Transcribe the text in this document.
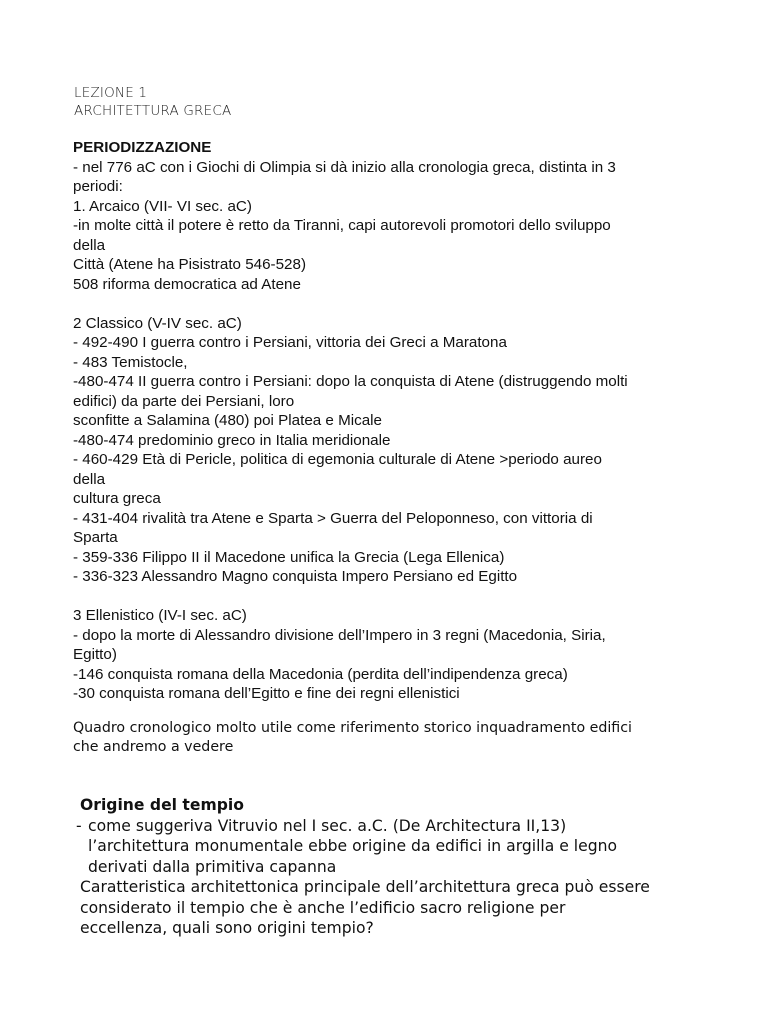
LEZIONE 1
ARCHITETTURA GRECA
PERIODIZZAZIONE
- nel 776 aC con i Giochi di Olimpia si dà inizio alla cronologia greca, distinta in 3
periodi:
1. Arcaico (VII- VI sec. aC)
-in molte città il potere è retto da Tiranni, capi autorevoli promotori dello sviluppo
della
Città (Atene ha Pisistrato 546-528)
508 riforma democratica ad Atene
2 Classico (V-IV sec. aC)
- 492-490 I guerra contro i Persiani, vittoria dei Greci a Maratona
- 483 Temistocle,
-480-474 II guerra contro i Persiani: dopo la conquista di Atene (distruggendo molti
edifici) da parte dei Persiani, loro
sconfitte a Salamina (480) poi Platea e Micale
-480-474 predominio greco in Italia meridionale
- 460-429 Età di Pericle, politica di egemonia culturale di Atene >periodo aureo
della
cultura greca
- 431-404 rivalità tra Atene e Sparta > Guerra del Peloponneso, con vittoria di
Sparta
- 359-336 Filippo II il Macedone unifica la Grecia (Lega Ellenica)
- 336-323 Alessandro Magno conquista Impero Persiano ed Egitto
3 Ellenistico (IV-I sec. aC)
- dopo la morte di Alessandro divisione dell’Impero in 3 regni (Macedonia, Siria,
Egitto)
-146 conquista romana della Macedonia (perdita dell’indipendenza greca)
-30 conquista romana dell’Egitto e fine dei regni ellenistici
Quadro cronologico molto utile come riferimento storico inquadramento edifici
che andremo a vedere
Origine del tempio
- come suggeriva Vitruvio nel I sec. a.C. (De Architectura II,13)
l’architettura monumentale ebbe origine da edifici in argilla e legno
derivati dalla primitiva capanna
Caratteristica architettonica principale dell’architettura greca può essere
considerato il tempio che è anche l’edificio sacro religione per
eccellenza, quali sono origini tempio?
